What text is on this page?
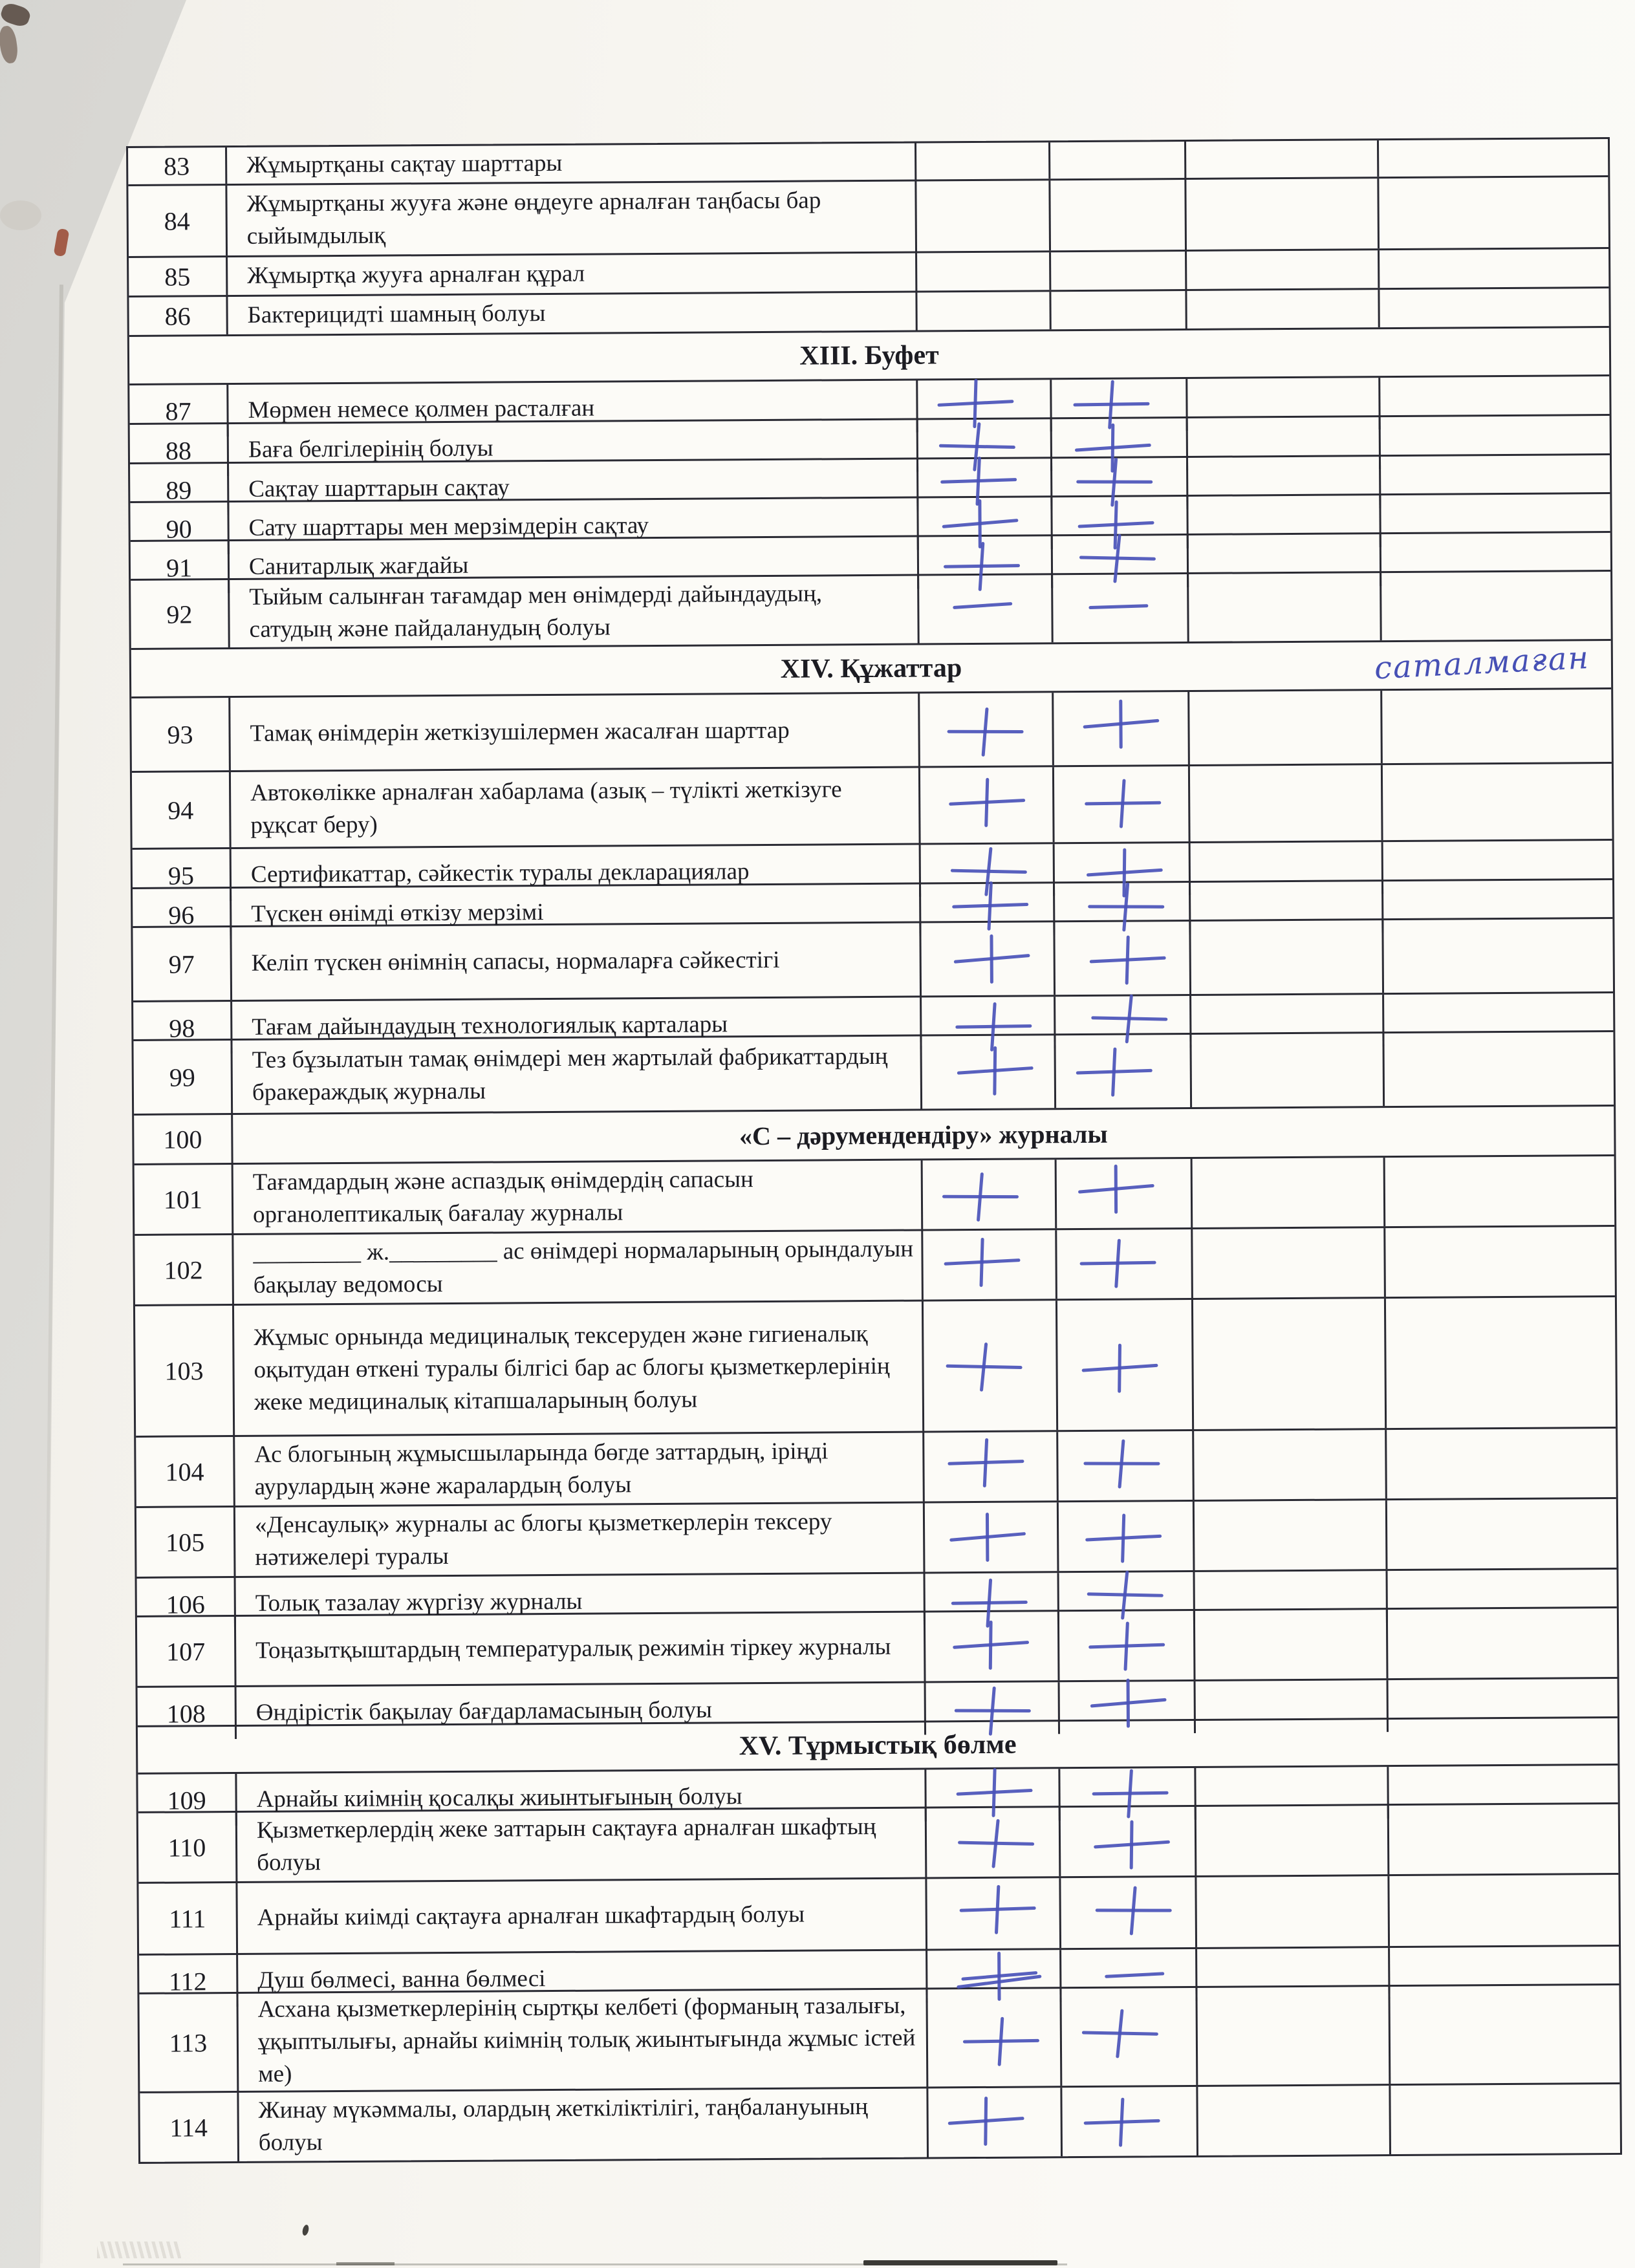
83	Жұмыртқаны сақтау шарттары
84
Жұмыртқаны жууға және өңдеуге арналған таңбасы бар сыйымдылық
85	Жұмыртқа жууға арналған құрал
86	Бактерицидті шамның болуы
XIII. Буфет
87	Мөрмен немесе қолмен расталған
88	Баға белгілерінің болуы
89	Сақтау шарттарын сақтау
90	Сату шарттары мен мерзімдерін сақтау
91	Санитарлық жағдайы
92
Тыйым салынған тағамдар мен өнімдерді дайындаудың, сатудың және пайдаланудың болуы
саталмаған
XIV. Құжаттар
93	Тамақ өнімдерін жеткізушілермен жасалған шарттар
94
Автокөлікке арналған хабарлама (азық – түлікті жеткізуге рұқсат беру)
95	Сертификаттар, сәйкестік туралы декларациялар
96	Түскен өнімді өткізу мерзімі
97	Келіп түскен өнімнің сапасы, нормаларға сәйкестігі
98	Тағам дайындаудың технологиялық карталары
99
Тез бұзылатын тамақ өнімдері мен жартылай фабрикаттардың бракераждық журналы
100	«С – дәрумендендіру» журналы
101
Тағамдардың және аспаздық өнімдердің сапасын органолептикалық бағалау журналы
102
_________ ж._________ ас өнімдері нормаларының орындалуын бақылау ведомосы
103
Жұмыс орнында медициналық тексеруден және гигиеналық оқытудан өткені туралы білгісі бар ас блогы қызметкерлерінің жеке медициналық кітапшаларының болуы
104
Ас блогының жұмысшыларында бөгде заттардың, іріңді аурулардың және жаралардың болуы
105
«Денсаулық» журналы ас блогы қызметкерлерін тексеру нәтижелері туралы
106	Толық тазалау жүргізу журналы
107	Тоңазытқыштардың температуралық режимін тіркеу журналы
108	Өндірістік бақылау бағдарламасының болуы
XV. Тұрмыстық бөлме
109	Арнайы киімнің қосалқы жиынтығының болуы
110
Қызметкерлердің жеке заттарын сақтауға арналған шкафтың болуы
111	Арнайы киімді сақтауға арналған шкафтардың болуы
112	Душ бөлмесі, ванна бөлмесі
113
Асхана қызметкерлерінің сыртқы келбеті (форманың тазалығы, ұқыптылығы, арнайы киімнің толық жиынтығында жұмыс істей ме)
114
Жинау мүкәммалы, олардың жеткіліктілігі, таңбалануының болуы
